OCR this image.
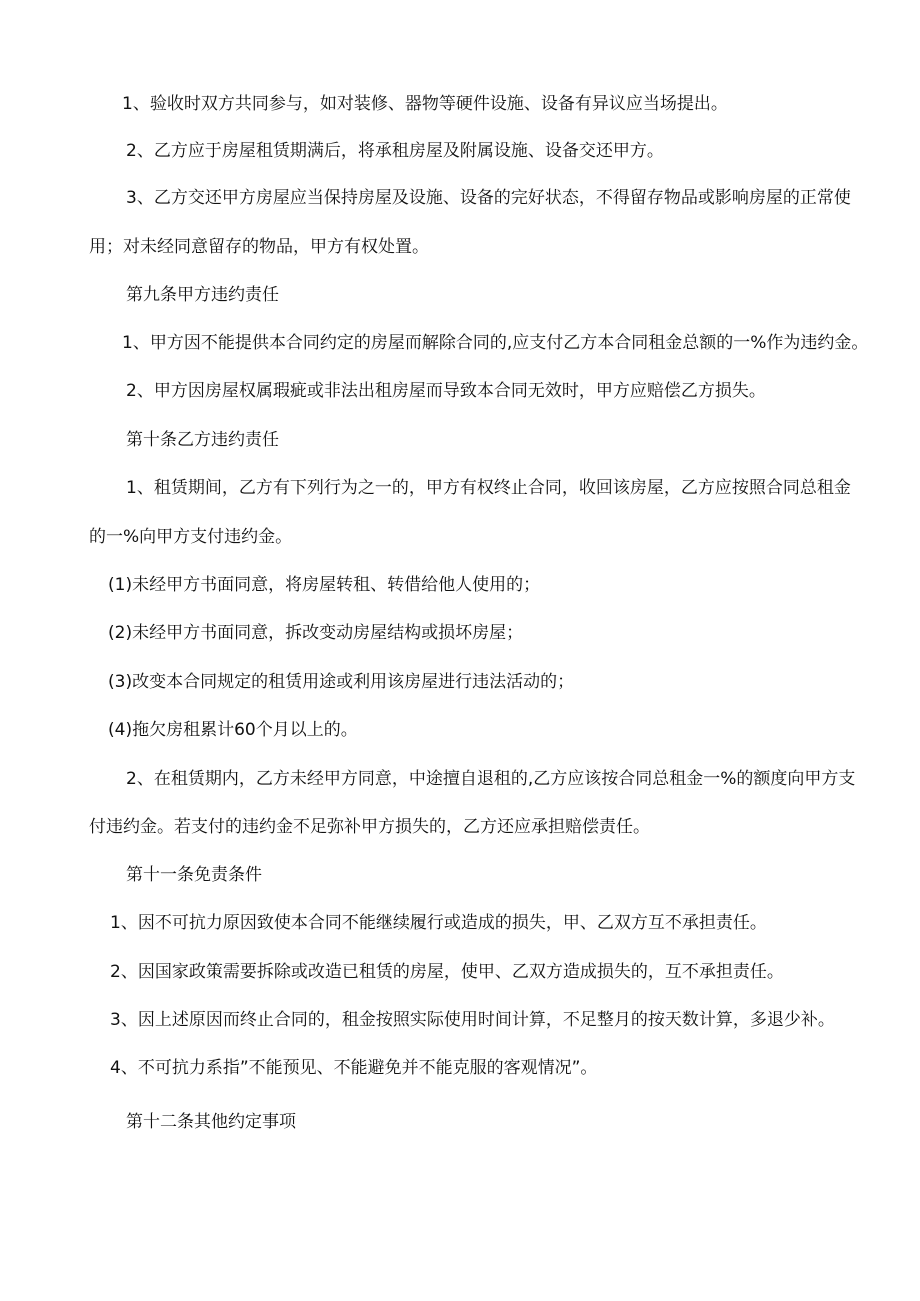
1、验收时双方共同参与，如对装修、器物等硬件设施、设备有异议应当场提出。
2、乙方应于房屋租赁期满后，将承租房屋及附属设施、设备交还甲方。
3、乙方交还甲方房屋应当保持房屋及设施、设备的完好状态，不得留存物品或影响房屋的正常使
用；对未经同意留存的物品，甲方有权处置。
第九条甲方违约责任
1、甲方因不能提供本合同约定的房屋而解除合同的,应支付乙方本合同租金总额的一%作为违约金。
2、甲方因房屋权属瑕疵或非法出租房屋而导致本合同无效时，甲方应赔偿乙方损失。
第十条乙方违约责任
1、租赁期间，乙方有下列行为之一的，甲方有权终止合同，收回该房屋，乙方应按照合同总租金
的一%向甲方支付违约金。
(1)未经甲方书面同意，将房屋转租、转借给他人使用的；
(2)未经甲方书面同意，拆改变动房屋结构或损坏房屋；
(3)改变本合同规定的租赁用途或利用该房屋进行违法活动的；
(4)拖欠房租累计60个月以上的。
2、在租赁期内，乙方未经甲方同意，中途擅自退租的,乙方应该按合同总租金一%的额度向甲方支
付违约金。若支付的违约金不足弥补甲方损失的，乙方还应承担赔偿责任。
第十一条免责条件
1、因不可抗力原因致使本合同不能继续履行或造成的损失，甲、乙双方互不承担责任。
2、因国家政策需要拆除或改造已租赁的房屋，使甲、乙双方造成损失的，互不承担责任。
3、因上述原因而终止合同的，租金按照实际使用时间计算，不足整月的按天数计算，多退少补。
4、不可抗力系指”不能预见、不能避免并不能克服的客观情况”。
第十二条其他约定事项
